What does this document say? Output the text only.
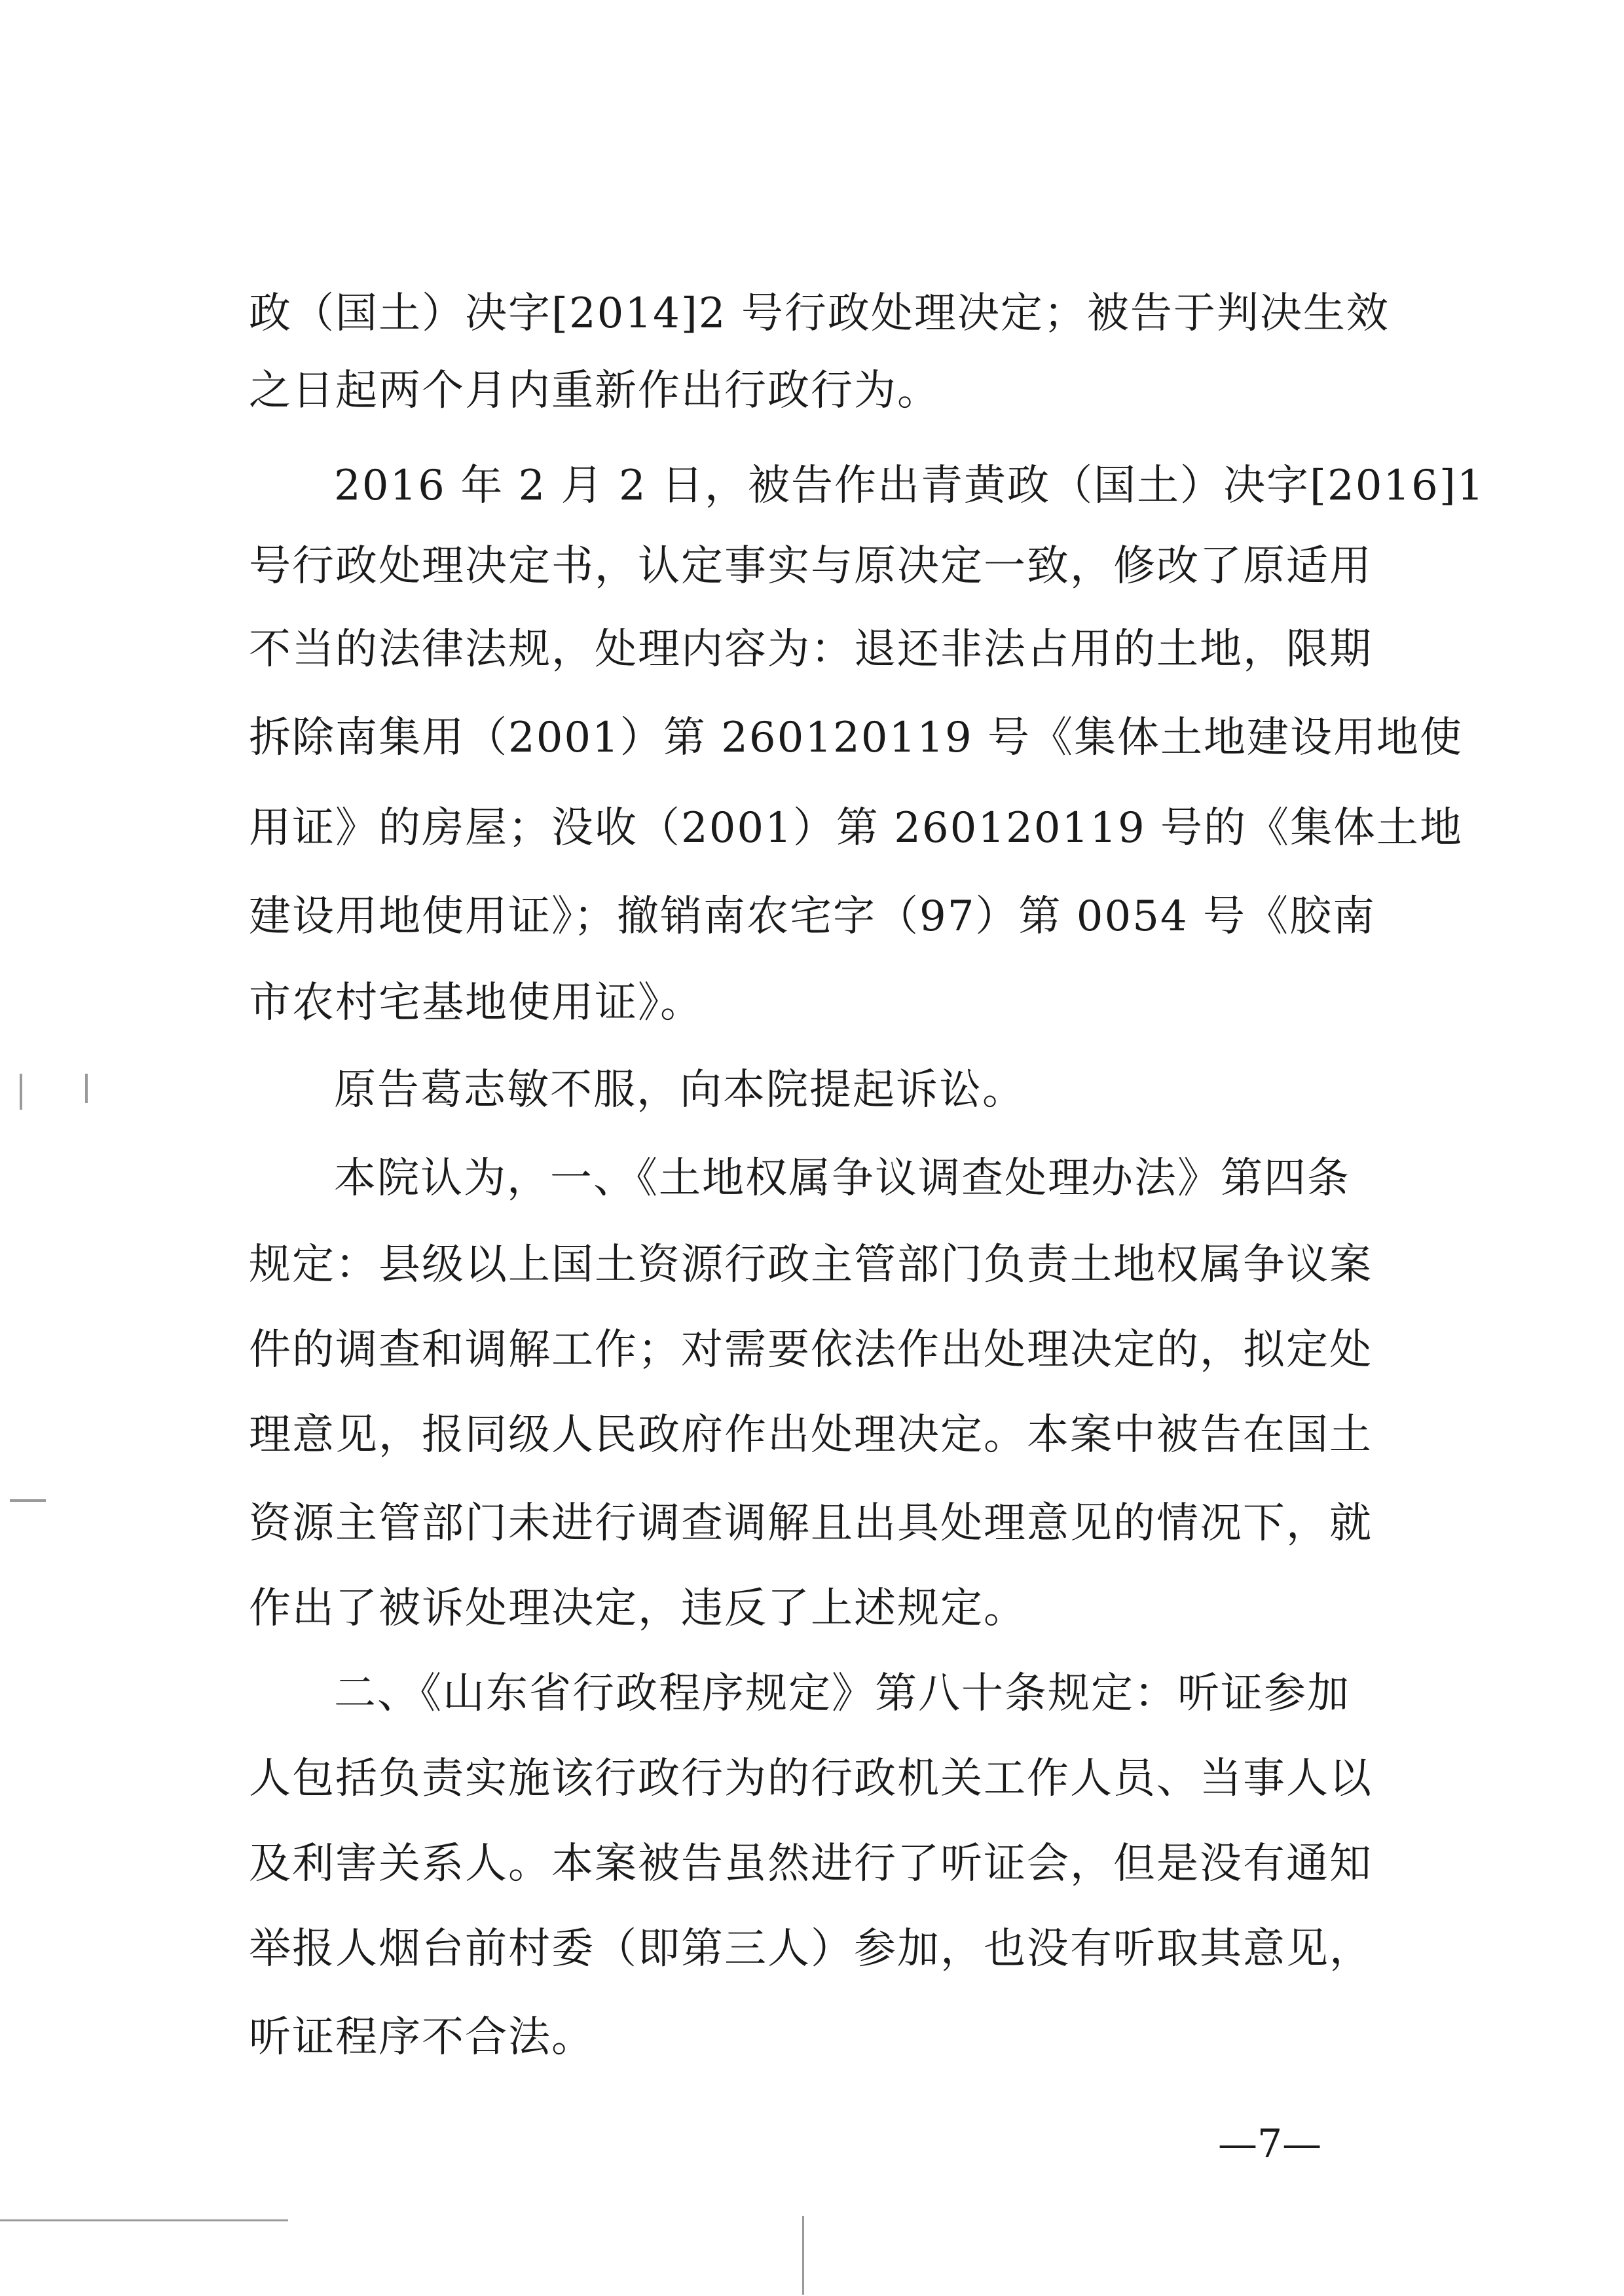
政（国土）决字[2014]2 号行政处理决定；被告于判决生效
之日起两个月内重新作出行政行为。
2016 年 2 月 2 日，被告作出青黄政（国土）决字[2016]1
号行政处理决定书，认定事实与原决定一致，修改了原适用
不当的法律法规，处理内容为：退还非法占用的土地，限期
拆除南集用（2001）第 260120119 号《集体土地建设用地使
用证》的房屋；没收（2001）第 260120119 号的《集体土地
建设用地使用证》；撤销南农宅字（97）第 0054 号《胶南
市农村宅基地使用证》。
原告葛志敏不服，向本院提起诉讼。
本院认为，一、《土地权属争议调查处理办法》第四条
规定：县级以上国土资源行政主管部门负责土地权属争议案
件的调查和调解工作；对需要依法作出处理决定的，拟定处
理意见，报同级人民政府作出处理决定。本案中被告在国土
资源主管部门未进行调查调解且出具处理意见的情况下，就
作出了被诉处理决定，违反了上述规定。
二、《山东省行政程序规定》第八十条规定：听证参加
人包括负责实施该行政行为的行政机关工作人员、当事人以
及利害关系人。本案被告虽然进行了听证会，但是没有通知
举报人烟台前村委（即第三人）参加，也没有听取其意见，
听证程序不合法。
—7—
